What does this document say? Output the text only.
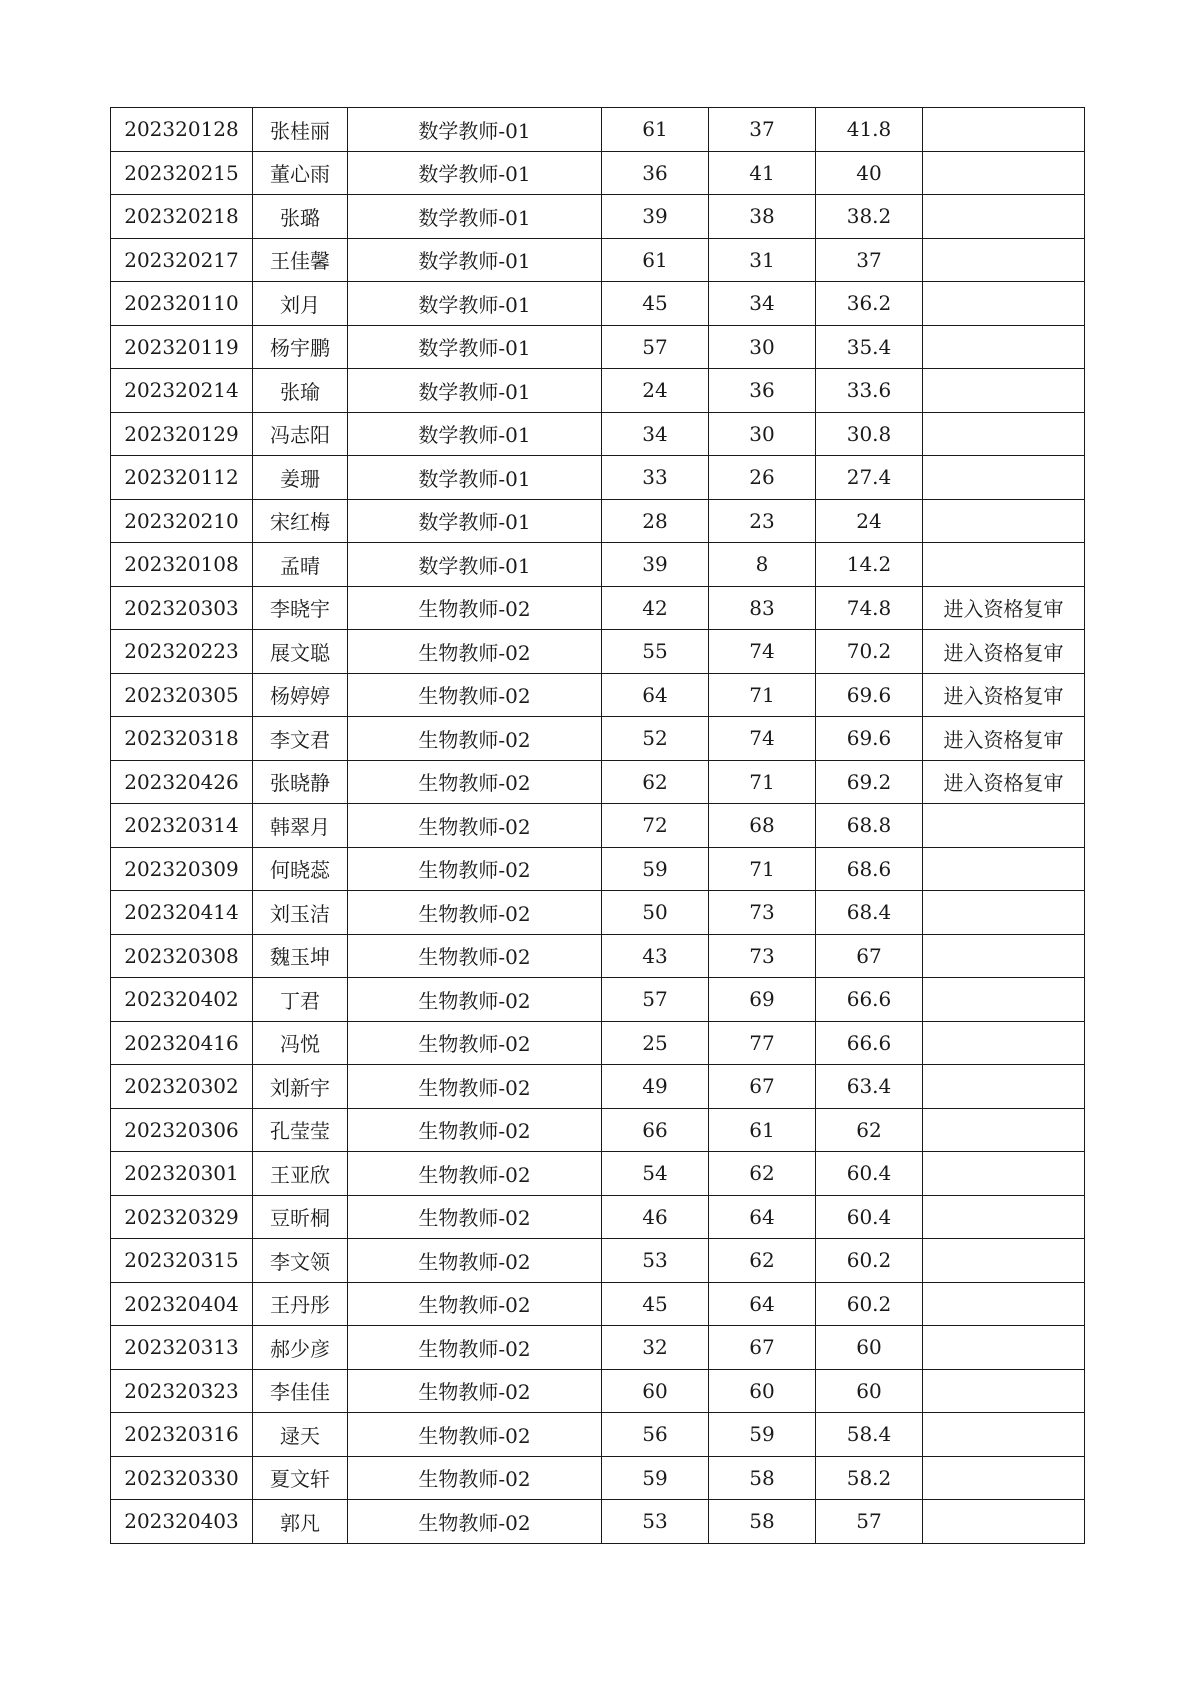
202320128	张桂丽	数学教师-01	61	37	41.8	
202320215	董心雨	数学教师-01	36	41	40	
202320218	张璐	数学教师-01	39	38	38.2	
202320217	王佳馨	数学教师-01	61	31	37	
202320110	刘月	数学教师-01	45	34	36.2	
202320119	杨宇鹏	数学教师-01	57	30	35.4	
202320214	张瑜	数学教师-01	24	36	33.6	
202320129	冯志阳	数学教师-01	34	30	30.8	
202320112	姜珊	数学教师-01	33	26	27.4	
202320210	宋红梅	数学教师-01	28	23	24	
202320108	孟晴	数学教师-01	39	8	14.2	
202320303	李晓宇	生物教师-02	42	83	74.8	进入资格复审
202320223	展文聪	生物教师-02	55	74	70.2	进入资格复审
202320305	杨婷婷	生物教师-02	64	71	69.6	进入资格复审
202320318	李文君	生物教师-02	52	74	69.6	进入资格复审
202320426	张晓静	生物教师-02	62	71	69.2	进入资格复审
202320314	韩翠月	生物教师-02	72	68	68.8	
202320309	何晓蕊	生物教师-02	59	71	68.6	
202320414	刘玉洁	生物教师-02	50	73	68.4	
202320308	魏玉坤	生物教师-02	43	73	67	
202320402	丁君	生物教师-02	57	69	66.6	
202320416	冯悦	生物教师-02	25	77	66.6	
202320302	刘新宇	生物教师-02	49	67	63.4	
202320306	孔莹莹	生物教师-02	66	61	62	
202320301	王亚欣	生物教师-02	54	62	60.4	
202320329	豆昕桐	生物教师-02	46	64	60.4	
202320315	李文领	生物教师-02	53	62	60.2	
202320404	王丹彤	生物教师-02	45	64	60.2	
202320313	郝少彦	生物教师-02	32	67	60	
202320323	李佳佳	生物教师-02	60	60	60	
202320316	逯天	生物教师-02	56	59	58.4	
202320330	夏文轩	生物教师-02	59	58	58.2	
202320403	郭凡	生物教师-02	53	58	57	
